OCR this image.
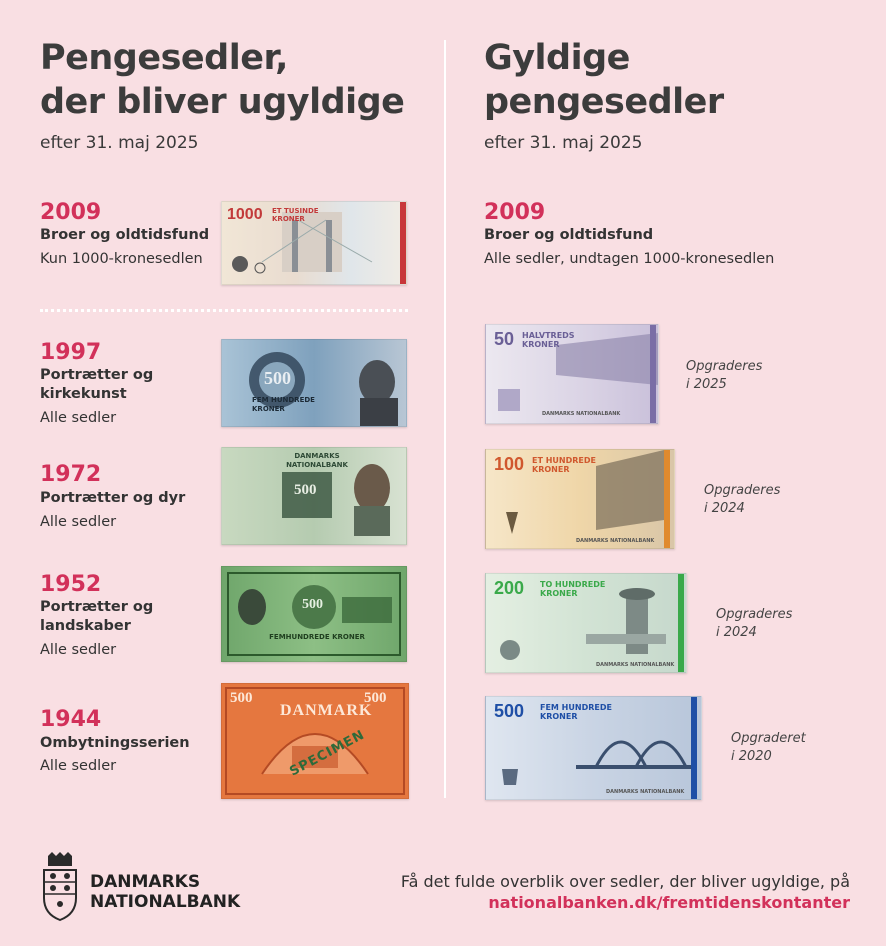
Pengesedler,
der bliver ugyldige
efter 31. maj 2025
2009
Broer og oldtidsfund
Kun 1000-kronesedlen
1000 ET TUSINDE KRONER
1997
Portrætter og
kirkekunst
Alle sedler
500
FEM HUNDREDE KRONER
1972
Portrætter og dyr
Alle sedler
500
DANMARKS NATIONALBANK
1952
Portrætter og
landskaber
Alle sedler
500
FEMHUNDREDE KRONER
1944
Ombytningsserien
Alle sedler
500	500
DANMARK
SPECIMEN
Gyldige
pengesedler
efter 31. maj 2025
2009
Broer og oldtidsfund
Alle sedler, undtagen 1000-kronesedlen
50 HALVTREDS
KRONER
DANMARKS NATIONALBANK
Opgraderes
i 2025
100 ET HUNDREDE
KRONER
DANMARKS NATIONALBANK
Opgraderes
i 2024
200 TO HUNDREDE
KRONER
DANMARKS NATIONALBANK
Opgraderes
i 2024
500 FEM HUNDREDE
KRONER
DANMARKS NATIONALBANK
Opgraderet
i 2020
DANMARKS
NATIONALBANK
Få det fulde overblik over sedler, der bliver ugyldige, på
nationalbanken.dk/fremtidenskontanter
